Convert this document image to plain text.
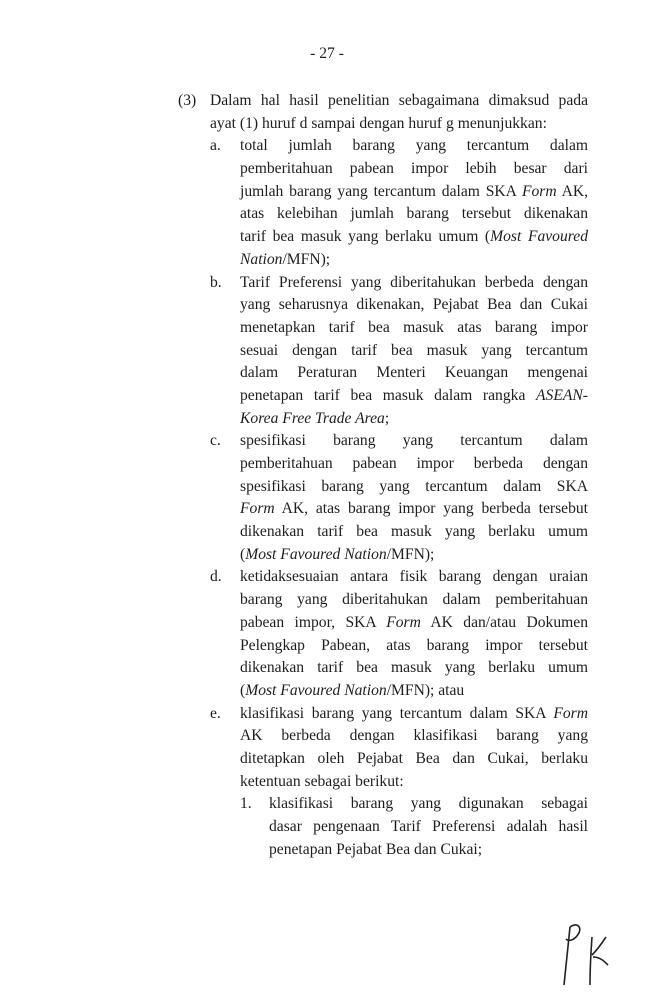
- 27 -
(3) Dalam hal hasil penelitian sebagaimana dimaksud pada
ayat (1) huruf d sampai dengan huruf g menunjukkan:
a. total jumlah barang yang tercantum dalam
pemberitahuan pabean impor lebih besar dari
jumlah barang yang tercantum dalam SKA Form AK,
atas kelebihan jumlah barang tersebut dikenakan
tarif bea masuk yang berlaku umum (Most Favoured
Nation/MFN);
b. Tarif Preferensi yang diberitahukan berbeda dengan
yang seharusnya dikenakan, Pejabat Bea dan Cukai
menetapkan tarif bea masuk atas barang impor
sesuai dengan tarif bea masuk yang tercantum
dalam Peraturan Menteri Keuangan mengenai
penetapan tarif bea masuk dalam rangka ASEAN-
Korea Free Trade Area;
c. spesifikasi barang yang tercantum dalam
pemberitahuan pabean impor berbeda dengan
spesifikasi barang yang tercantum dalam SKA
Form AK, atas barang impor yang berbeda tersebut
dikenakan tarif bea masuk yang berlaku umum
(Most Favoured Nation/MFN);
d. ketidaksesuaian antara fisik barang dengan uraian
barang yang diberitahukan dalam pemberitahuan
pabean impor, SKA Form AK dan/atau Dokumen
Pelengkap Pabean, atas barang impor tersebut
dikenakan tarif bea masuk yang berlaku umum
(Most Favoured Nation/MFN); atau
e. klasifikasi barang yang tercantum dalam SKA Form
AK berbeda dengan klasifikasi barang yang
ditetapkan oleh Pejabat Bea dan Cukai, berlaku
ketentuan sebagai berikut:
1. klasifikasi barang yang digunakan sebagai
dasar pengenaan Tarif Preferensi adalah hasil
penetapan Pejabat Bea dan Cukai;
